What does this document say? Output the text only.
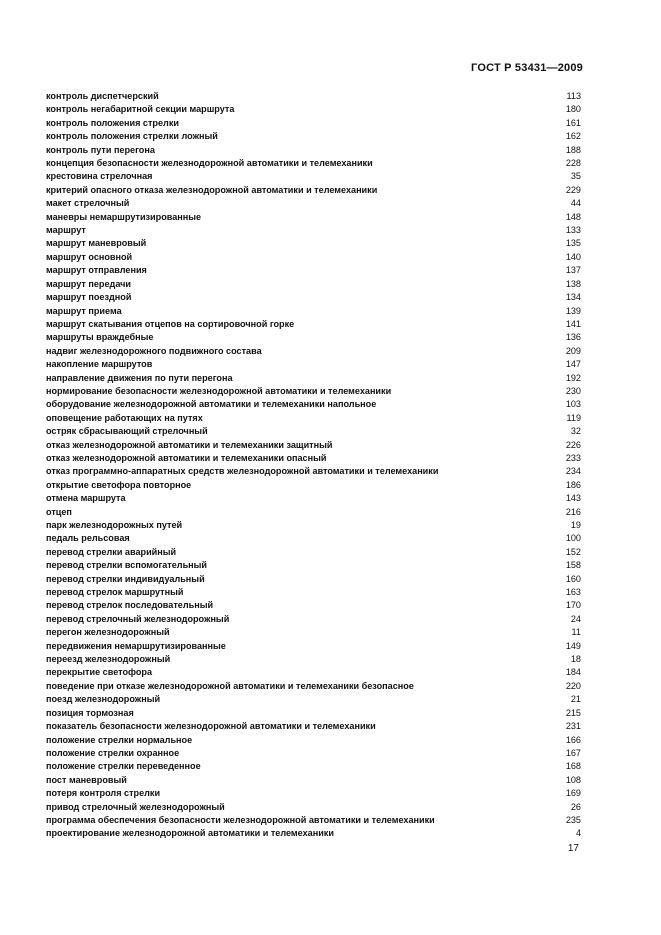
ГОСТ Р 53431—2009
контроль диспетчерский	113
контроль негабаритной секции маршрута	180
контроль положения стрелки	161
контроль положения стрелки ложный	162
контроль пути перегона	188
концепция безопасности железнодорожной автоматики и телемеханики	228
крестовина стрелочная	35
критерий опасного отказа железнодорожной автоматики и телемеханики	229
макет стрелочный	44
маневры немаршрутизированные	148
маршрут	133
маршрут маневровый	135
маршрут основной	140
маршрут отправления	137
маршрут передачи	138
маршрут поездной	134
маршрут приема	139
маршрут скатывания отцепов на сортировочной горке	141
маршруты враждебные	136
надвиг железнодорожного подвижного состава	209
накопление маршрутов	147
направление движения по пути перегона	192
нормирование безопасности железнодорожной автоматики и телемеханики	230
оборудование железнодорожной автоматики и телемеханики напольное	103
оповещение работающих на путях	119
остряк сбрасывающий стрелочный	32
отказ железнодорожной автоматики и телемеханики защитный	226
отказ железнодорожной автоматики и телемеханики опасный	233
отказ программно-аппаратных средств железнодорожной автоматики и телемеханики	234
открытие светофора повторное	186
отмена маршрута	143
отцеп	216
парк железнодорожных путей	19
педаль рельсовая	100
перевод стрелки аварийный	152
перевод стрелки вспомогательный	158
перевод стрелки индивидуальный	160
перевод стрелок маршрутный	163
перевод стрелок последовательный	170
перевод стрелочный железнодорожный	24
перегон железнодорожный	11
передвижения немаршрутизированные	149
переезд железнодорожный	18
перекрытие светофора	184
поведение при отказе железнодорожной автоматики и телемеханики безопасное	220
поезд железнодорожный	21
позиция тормозная	215
показатель безопасности железнодорожной автоматики и телемеханики	231
положение стрелки нормальное	166
положение стрелки охранное	167
положение стрелки переведенное	168
пост маневровый	108
потеря контроля стрелки	169
привод стрелочный железнодорожный	26
программа обеспечения безопасности железнодорожной автоматики и телемеханики	235
проектирование железнодорожной автоматики и телемеханики	4
17
